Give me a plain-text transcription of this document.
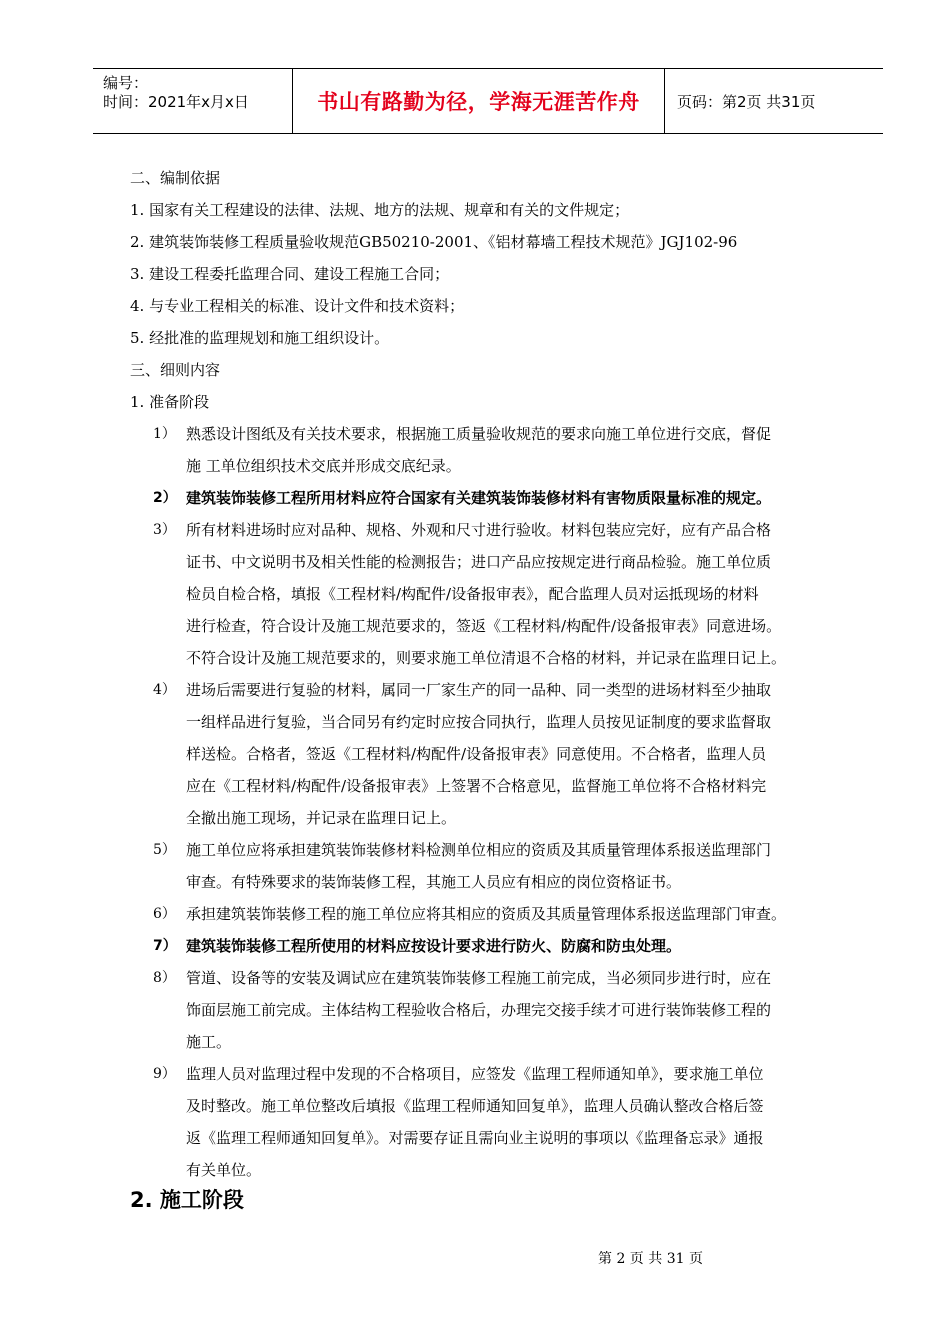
编号：
时间：2021年x月x日	书山有路勤为径，学海无涯苦作舟	页码：第2页 共31页
二、编制依据
1. 国家有关工程建设的法律、法规、地方的法规、规章和有关的文件规定；
2. 建筑装饰装修工程质量验收规范GB50210-2001、《铝材幕墙工程技术规范》JGJ102-96
3. 建设工程委托监理合同、建设工程施工合同；
4. 与专业工程相关的标准、设计文件和技术资料；
5. 经批准的监理规划和施工组织设计。
三、细则内容
1. 准备阶段
1） 熟悉设计图纸及有关技术要求，根据施工质量验收规范的要求向施工单位进行交底，督促
施 工单位组织技术交底并形成交底纪录。
2） 建筑装饰装修工程所用材料应符合国家有关建筑装饰装修材料有害物质限量标准的规定。
3） 所有材料进场时应对品种、规格、外观和尺寸进行验收。材料包装应完好，应有产品合格
证书、中文说明书及相关性能的检测报告；进口产品应按规定进行商品检验。施工单位质
检员自检合格，填报《工程材料/构配件/设备报审表》，配合监理人员对运抵现场的材料
进行检查，符合设计及施工规范要求的，签返《工程材料/构配件/设备报审表》同意进场。
不符合设计及施工规范要求的，则要求施工单位清退不合格的材料，并记录在监理日记上。
4） 进场后需要进行复验的材料，属同一厂家生产的同一品种、同一类型的进场材料至少抽取
一组样品进行复验，当合同另有约定时应按合同执行，监理人员按见证制度的要求监督取
样送检。合格者，签返《工程材料/构配件/设备报审表》同意使用。不合格者，监理人员
应在《工程材料/构配件/设备报审表》上签署不合格意见，监督施工单位将不合格材料完
全撤出施工现场，并记录在监理日记上。
5） 施工单位应将承担建筑装饰装修材料检测单位相应的资质及其质量管理体系报送监理部门
审查。有特殊要求的装饰装修工程，其施工人员应有相应的岗位资格证书。
6） 承担建筑装饰装修工程的施工单位应将其相应的资质及其质量管理体系报送监理部门审查。
7） 建筑装饰装修工程所使用的材料应按设计要求进行防火、防腐和防虫处理。
8） 管道、设备等的安装及调试应在建筑装饰装修工程施工前完成，当必须同步进行时，应在
饰面层施工前完成。主体结构工程验收合格后，办理完交接手续才可进行装饰装修工程的
施工。
9） 监理人员对监理过程中发现的不合格项目，应签发《监理工程师通知单》，要求施工单位
及时整改。施工单位整改后填报《监理工程师通知回复单》，监理人员确认整改合格后签
返《监理工程师通知回复单》。对需要存证且需向业主说明的事项以《监理备忘录》通报
有关单位。
2. 施工阶段
第 2 页 共 31 页
